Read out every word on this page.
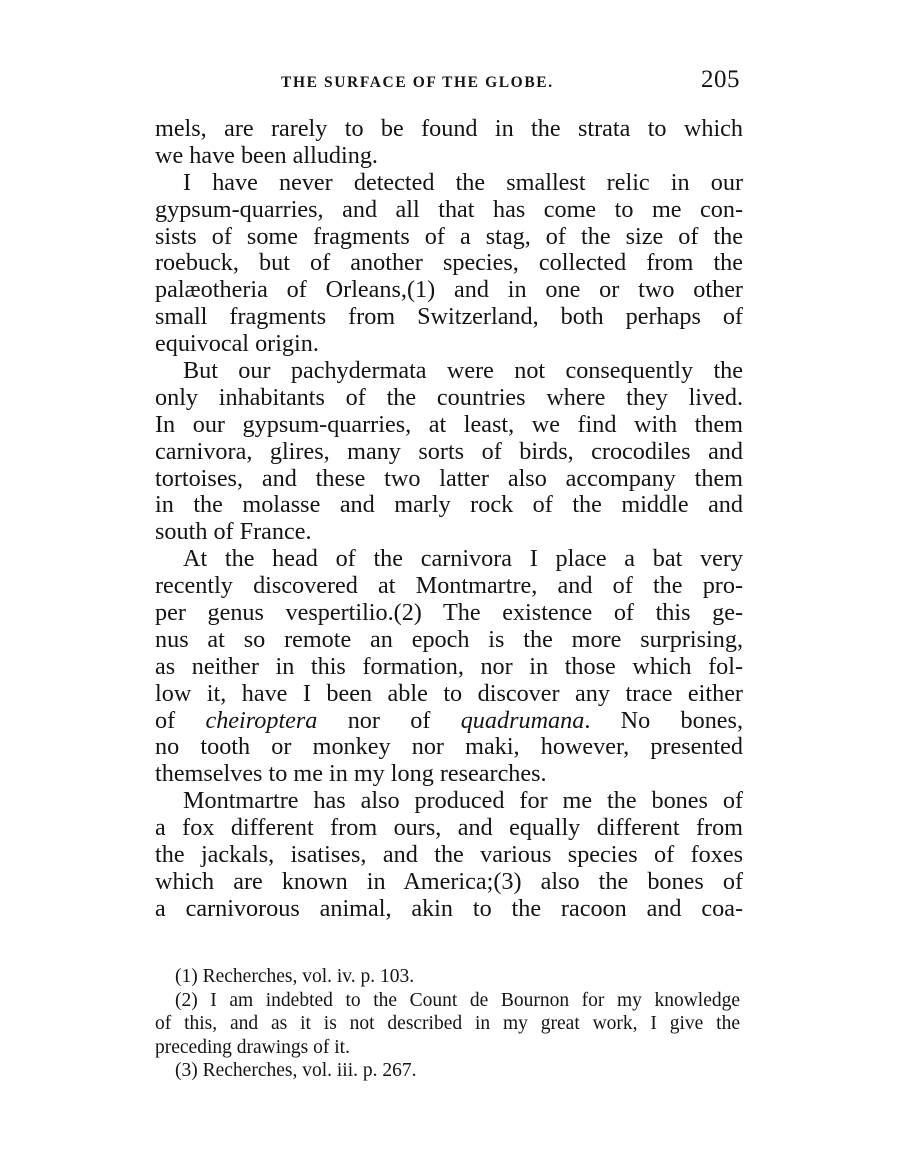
THE SURFACE OF THE GLOBE.	205
mels, are rarely to be found in the strata to which
we have been alluding.
I have never detected the smallest relic in our
gypsum-quarries, and all that has come to me con-
sists of some fragments of a stag, of the size of the
roebuck, but of another species, collected from the
palæotheria of Orleans,(1) and in one or two other
small fragments from Switzerland, both perhaps of
equivocal origin.
But our pachydermata were not consequently the
only inhabitants of the countries where they lived.
In our gypsum-quarries, at least, we find with them
carnivora, glires, many sorts of birds, crocodiles and
tortoises, and these two latter also accompany them
in the molasse and marly rock of the middle and
south of France.
At the head of the carnivora I place a bat very
recently discovered at Montmartre, and of the pro-
per genus vespertilio.(2) The existence of this ge-
nus at so remote an epoch is the more surprising,
as neither in this formation, nor in those which fol-
low it, have I been able to discover any trace either
of cheiroptera nor of quadrumana. No bones,
no tooth or monkey nor maki, however, presented
themselves to me in my long researches.
Montmartre has also produced for me the bones of
a fox different from ours, and equally different from
the jackals, isatises, and the various species of foxes
which are known in America;(3) also the bones of
a carnivorous animal, akin to the racoon and coa-
(1) Recherches, vol. iv. p. 103.
(2) I am indebted to the Count de Bournon for my knowledge
of this, and as it is not described in my great work, I give the
preceding drawings of it.
(3) Recherches, vol. iii. p. 267.
